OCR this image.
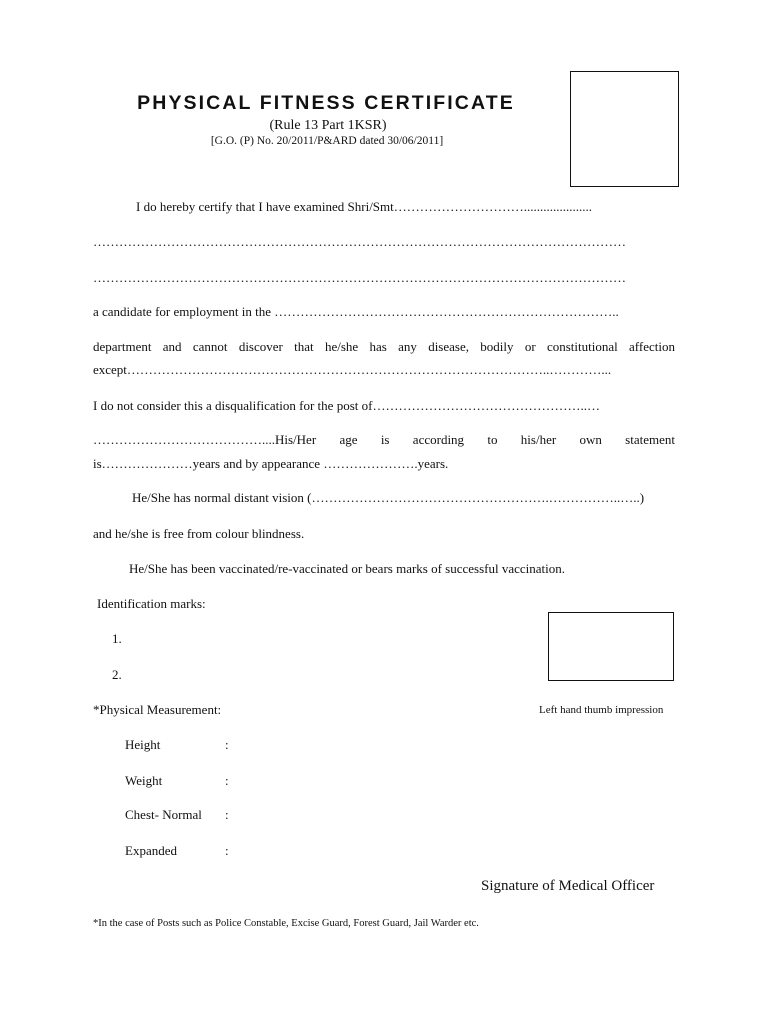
PHYSICAL FITNESS CERTIFICATE
(Rule 13 Part 1KSR)
[G.O. (P) No. 20/2011/P&ARD dated 30/06/2011]
I do hereby certify that I have examined Shri/Smt………………………….....................
……………………………………………………………………………………………………………
……………………………………………………………………………………………………………
a candidate for employment in the ……………………………………………………………………..
department and cannot discover that he/she has any disease, bodily or constitutional affection
except……………………………………………………………………………………..…………...
I do not consider this a disqualification for the post of…………………………………………..…
…………………………………....His/Her age is according to his/her own statement
is…………………years and by appearance ………………….years.
He/She has normal distant vision (……………………………………………….……………..…..)
and he/she is free from colour blindness.
He/She has been vaccinated/re-vaccinated or bears marks of successful vaccination.
Identification marks:
1.
2.
Left hand thumb impression
*Physical Measurement:
Height	:
Weight	:
Chest- Normal :
Expanded	:
Signature of Medical Officer
*In the case of Posts such as Police Constable, Excise Guard, Forest Guard, Jail Warder etc.
